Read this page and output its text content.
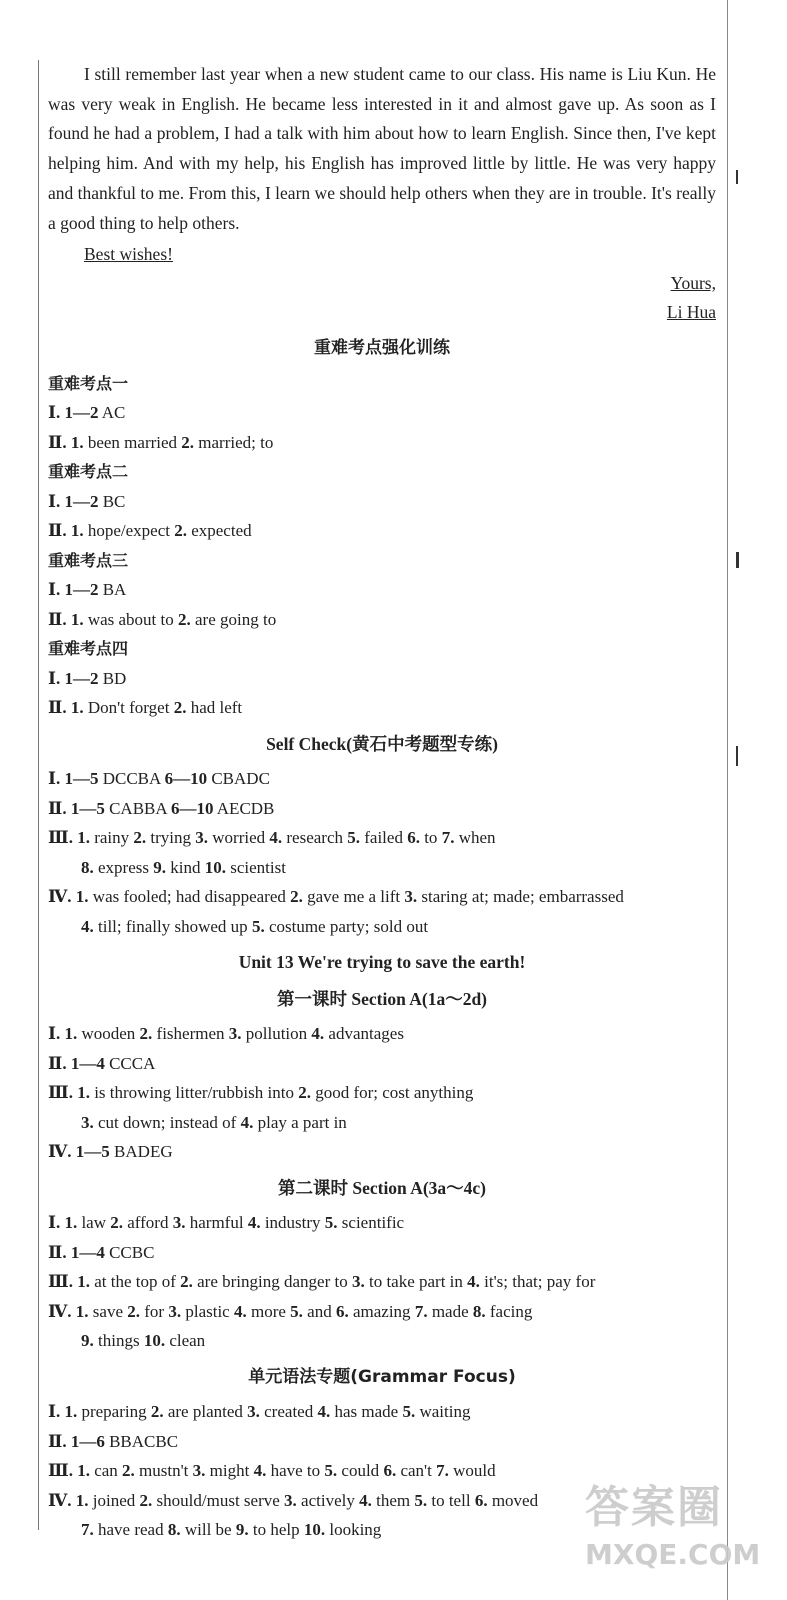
I still remember last year when a new student came to our class. His name is Liu Kun. He was very weak in English. He became less interested in it and almost gave up. As soon as I found he had a problem, I had a talk with him about how to learn English. Since then, I've kept helping him. And with my help, his English has improved little by little. He was very happy and thankful to me. From this, I learn we should help others when they are in trouble. It's really a good thing to help others.

Best wishes!
Yours,
Li Hua
重难考点强化训练
重难考点一
Ⅰ. 1—2 AC
Ⅱ. 1. been married 2. married; to
重难考点二
Ⅰ. 1—2 BC
Ⅱ. 1. hope/expect 2. expected
重难考点三
Ⅰ. 1—2 BA
Ⅱ. 1. was about to 2. are going to
重难考点四
Ⅰ. 1—2 BD
Ⅱ. 1. Don't forget 2. had left
Self Check(黄石中考题型专练)
Ⅰ. 1—5 DCCBA 6—10 CBADC
Ⅱ. 1—5 CABBA 6—10 AECDB
Ⅲ. 1. rainy 2. trying 3. worried 4. research 5. failed 6. to 7. when
8. express 9. kind 10. scientist
Ⅳ. 1. was fooled; had disappeared 2. gave me a lift 3. staring at; made; embarrassed
4. till; finally showed up 5. costume party; sold out
Unit 13 We're trying to save the earth!
第一课时 Section A(1a～2d)
Ⅰ. 1. wooden 2. fishermen 3. pollution 4. advantages
Ⅱ. 1—4 CCCA
Ⅲ. 1. is throwing litter/rubbish into 2. good for; cost anything
3. cut down; instead of 4. play a part in
Ⅳ. 1—5 BADEG
第二课时 Section A(3a～4c)
Ⅰ. 1. law 2. afford 3. harmful 4. industry 5. scientific
Ⅱ. 1—4 CCBC
Ⅲ. 1. at the top of 2. are bringing danger to 3. to take part in 4. it's; that; pay for
Ⅳ. 1. save 2. for 3. plastic 4. more 5. and 6. amazing 7. made 8. facing
9. things 10. clean
单元语法专题(Grammar Focus)
Ⅰ. 1. preparing 2. are planted 3. created 4. has made 5. waiting
Ⅱ. 1—6 BBACBC
Ⅲ. 1. can 2. mustn't 3. might 4. have to 5. could 6. can't 7. would
Ⅳ. 1. joined 2. should/must serve 3. actively 4. them 5. to tell 6. moved
7. have read 8. will be 9. to help 10. looking	答案圈
MXQE.COM
